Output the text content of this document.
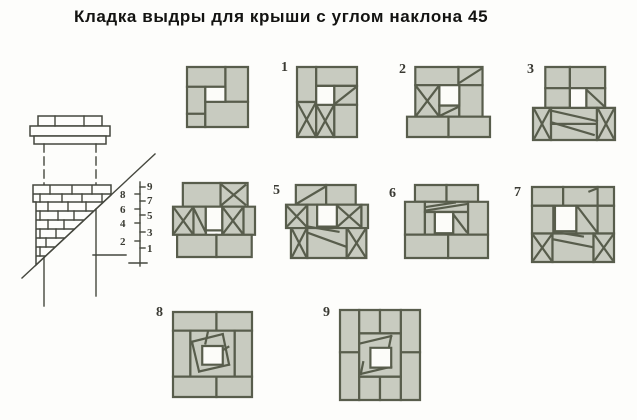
Кладка выдры для крыши с углом наклона 45
9
7
5
3
1
8
6
4
2
1	2	3
5	6	7
8	9
